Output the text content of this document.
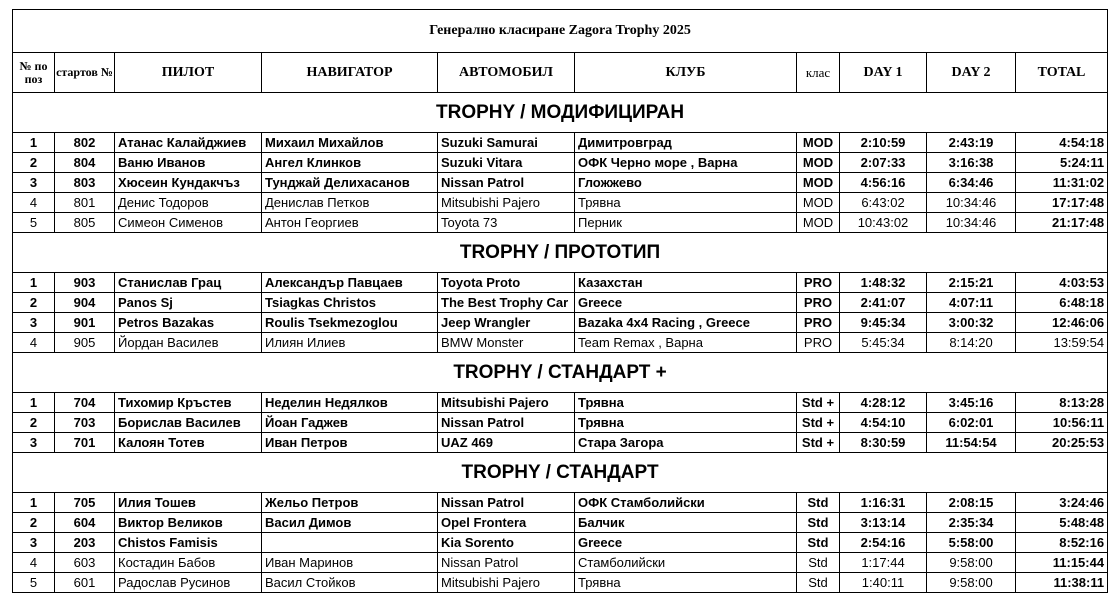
Генерално класиране Zagora Trophy 2025									
№ по поз	стартов №	ПИЛОТ	НАВИГАТОР	АВТОМОБИЛ	КЛУБ	клас	DAY 1	DAY 2	TOTAL
TROPHY / МОДИФИЦИРАН									
1	802	Атанас Калайджиев	Михаил Михайлов	Suzuki Samurai	Димитровград	MOD	2:10:59	2:43:19	4:54:18
2	804	Ваню Иванов	Ангел Клинков	Suzuki Vitara	ОФК Черно море , Варна	MOD	2:07:33	3:16:38	5:24:11
3	803	Хюсеин Кундакчъз	Тунджай Делихасанов	Nissan Patrol	Гложжево	MOD	4:56:16	6:34:46	11:31:02
4	801	Денис Тодоров	Денислав Петков	Mitsubishi Pajero	Трявна	MOD	6:43:02	10:34:46	17:17:48
5	805	Симеон Сименов	Антон Георгиев	Toyota 73	Перник	MOD	10:43:02	10:34:46	21:17:48
TROPHY / ПРОТОТИП									
1	903	Станислав Грац	Александър Павцаев	Toyota Proto	Казахстан	PRO	1:48:32	2:15:21	4:03:53
2	904	Panos Sj	Tsiagkas Christos	The Best Trophy Car	Greece	PRO	2:41:07	4:07:11	6:48:18
3	901	Petros Bazakas	Roulis Tsekmezoglou	Jeep Wrangler	Bazaka 4x4 Racing , Greece	PRO	9:45:34	3:00:32	12:46:06
4	905	Йордан Василев	Илиян Илиев	BMW Monster	Team Remax , Варна	PRO	5:45:34	8:14:20	13:59:54
TROPHY / СТАНДАРТ +									
1	704	Тихомир Кръстев	Неделин Недялков	Mitsubishi Pajero	Трявна	Std +	4:28:12	3:45:16	8:13:28
2	703	Борислав Василев	Йоан Гаджев	Nissan Patrol	Трявна	Std +	4:54:10	6:02:01	10:56:11
3	701	Калоян Тотев	Иван Петров	UAZ 469	Стара Загора	Std +	8:30:59	11:54:54	20:25:53
TROPHY / СТАНДАРТ									
1	705	Илия Тошев	Жельо Петров	Nissan Patrol	ОФК Стамболийски	Std	1:16:31	2:08:15	3:24:46
2	604	Виктор Великов	Васил Димов	Opel Frontera	Балчик	Std	3:13:14	2:35:34	5:48:48
3	203	Chistos Famisis		Kia Sorento	Greece	Std	2:54:16	5:58:00	8:52:16
4	603	Костадин Бабов	Иван Маринов	Nissan Patrol	Стамболийски	Std	1:17:44	9:58:00	11:15:44
5	601	Радослав Русинов	Васил Стойков	Mitsubishi Pajero	Трявна	Std	1:40:11	9:58:00	11:38:11
